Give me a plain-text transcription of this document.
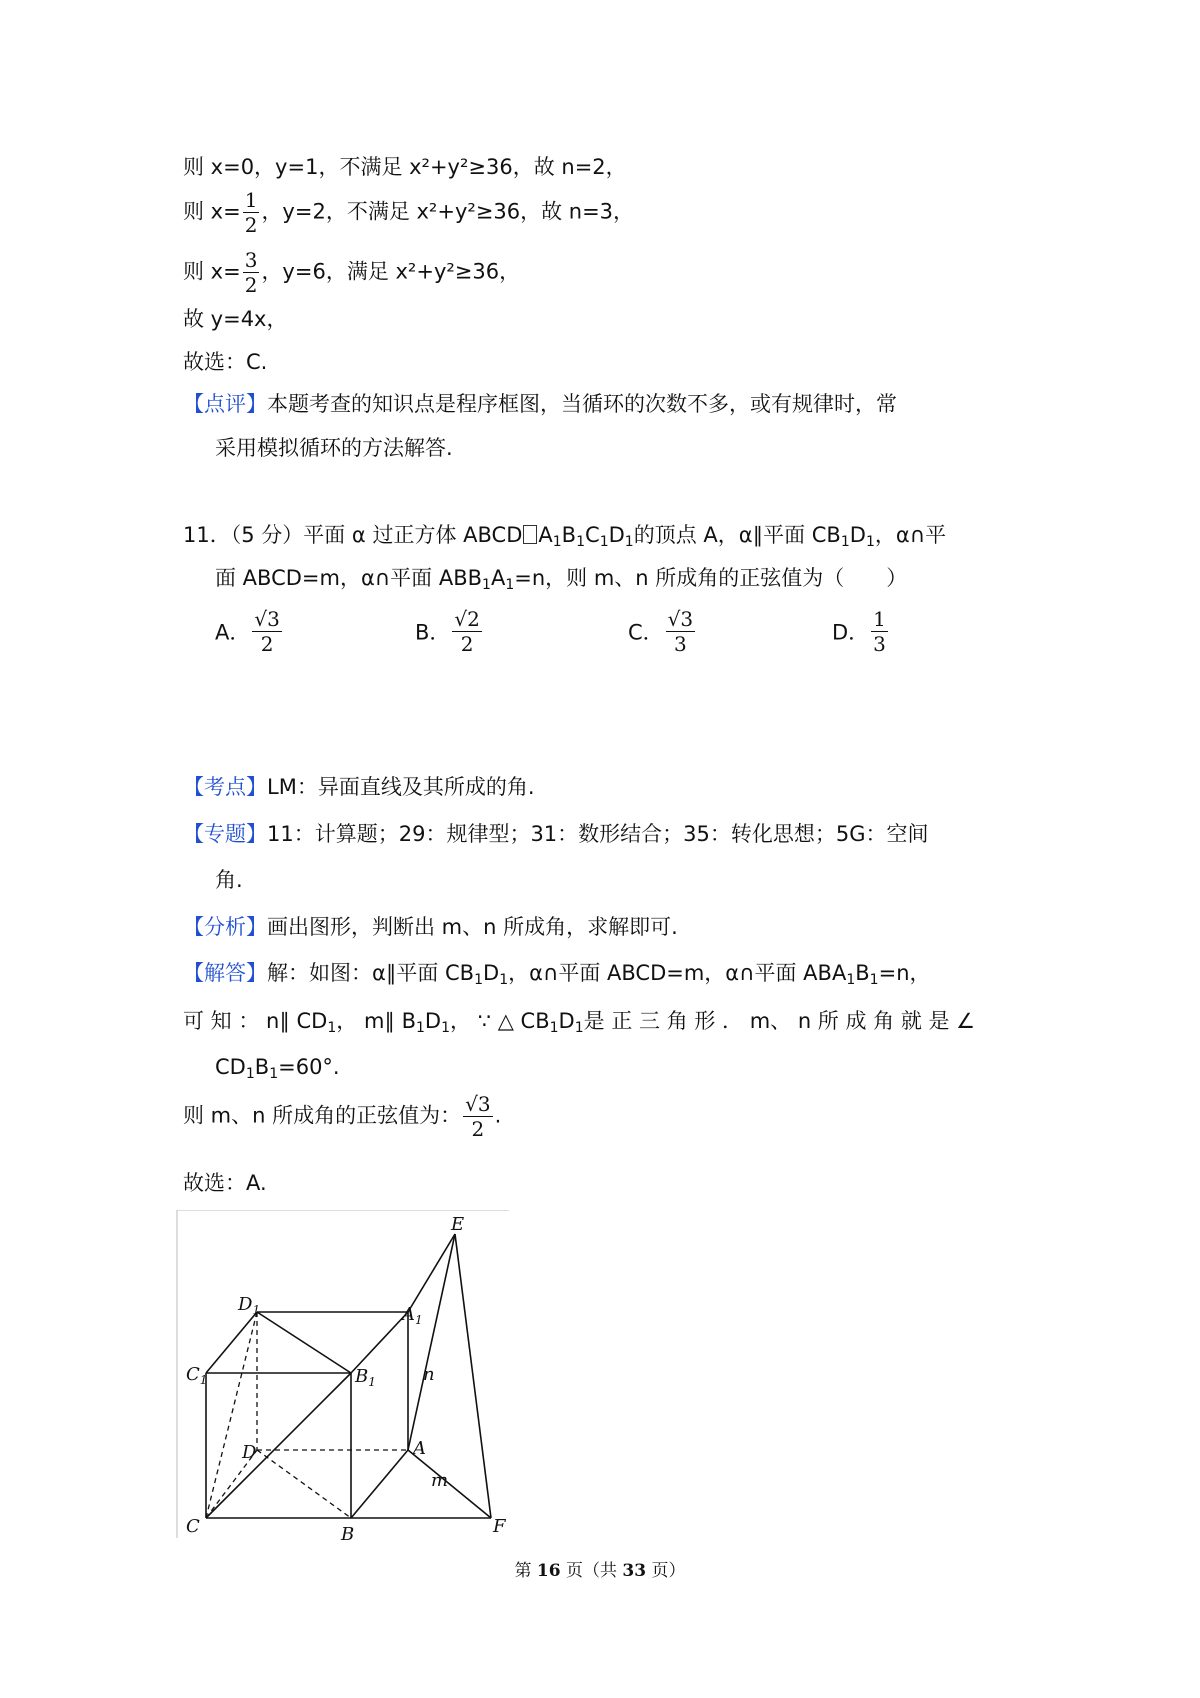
则 x=0，y=1，不满足 x²+y²≥36，故 n=2，
则 $x= \frac{1}{2}$ ，y=2，不满足 x²+y²≥36，故 n=3，
则 $x= \frac{3}{2}$ ，y=6，满足 x²+y²≥36，
故 y=4x，
故选：C.
【点评】本题考查的知识点是程序框图，当循环的次数不多，或有规律时，常
采用模拟循环的方法解答.
11．（5 分）平面 α 过正方体 ABCD $A_1B_1C_1D_1$的顶点 A，α∥平面 $CB_1D_1$，α∩平
面 ABCD=m，α∩平面 $ABB_1A_1=n$，则 m、n 所成角的正弦值为（　　）
A． $\frac{√3}{2}$	B． $\frac{√2}{2}$	C． $\frac{√3}{3}$	D． $\frac{1}{3}$
【考点】LM：异面直线及其所成的角.
【专题】11：计算题；29：规律型；31：数形结合；35：转化思想；5G：空间
角.
【分析】画出图形，判断出 m、n 所成角，求解即可.
【解答】解：如图：α∥平面 $CB_1D_1$，α∩平面 ABCD=m，α∩平面 $ABA_1B_1=n$，
可 知 ： n∥ $CD_1$， m∥ $B_1D_1$， ∵ △ $CB_1D_1$是 正 三 角 形 ． m、 n 所 成 角 就 是 ∠
$CD_1B_1=60^\circ$.
则 m、n 所成角的正弦值为： $\frac{√3}{2}$ .
故选：A.
E
$D_1$	$A_1$
$C_1$	$B_1$	n
D	A
m
C	B	F
第 16 页（共 33 页）
